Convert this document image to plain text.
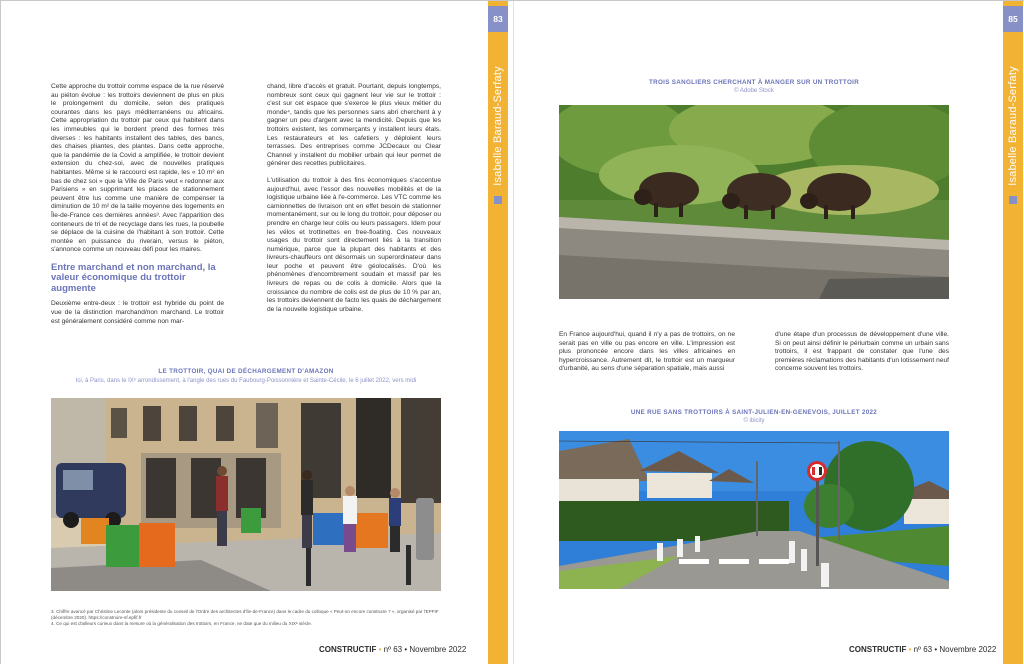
83
Isabelle Baraud-Serfaty

Cette approche du trottoir comme espace de la rue réservé au piéton évolue : les trottoirs deviennent de plus en plus le prolongement du domicile, selon des pratiques courantes dans les pays méditerranéens ou africains. Cette appropriation du trottoir par ceux qui habitent dans les immeubles qui le bordent prend des formes très diverses : les habitants installent des tables, des bancs, des chaises pliantes, des plantes. Dans cette approche, que la pandémie de la Covid a amplifiée, le trottoir devient extension du chez-soi, avec de nouvelles pratiques habitantes. Même si le raccourci est rapide, les « 10 m² en bas de chez soi » que la Ville de Paris veut « redonner aux Parisiens » en supprimant les places de stationnement peuvent être lus comme une manière de compenser la diminution de 10 m² de la taille moyenne des logements en Île-de-France ces dernières années³. Avec l'apparition des conteneurs de tri et de recyclage dans les rues, la poubelle se déplace de la cuisine de l'habitant à son trottoir. Cette montée en puissance du riverain, versus le piéton, s'annonce comme un nouveau défi pour les maires.

Entre marchand et non marchand, la valeur économique du trottoir augmente

Deuxième entre-deux : le trottoir est hybride du point de vue de la distinction marchand/non marchand. Le trottoir est généralement considéré comme non mar-

chand, libre d'accès et gratuit. Pourtant, depuis longtemps, nombreux sont ceux qui gagnent leur vie sur le trottoir : c'est sur cet espace que s'exerce le plus vieux métier du monde⁴, tandis que les personnes sans abri cherchent à y gagner un peu d'argent avec la mendicité. Depuis que les trottoirs existent, les commerçants y installent leurs étals. Les restaurateurs et les cafetiers y déploient leurs terrasses. Des entreprises comme JCDecaux ou Clear Channel y installent du mobilier urbain qui leur permet de générer des recettes publicitaires.

L'utilisation du trottoir à des fins économiques s'accentue aujourd'hui, avec l'essor des nouvelles mobilités et de la logistique urbaine liée à l'e-commerce. Les VTC comme les camionnettes de livraison ont en effet besoin de stationner momentanément, sur ou le long du trottoir, pour déposer ou prendre en charge leur colis ou leurs passagers. Idem pour les vélos et trottinettes en free-floating. Ces nouveaux usages du trottoir sont directement liés à la transition numérique, parce que la plupart des habitants et des livreurs-chauffeurs ont désormais un superordinateur dans leur poche et peuvent être géolocalisés. D'où les phénomènes d'encombrement soudain et massif par les livreurs de repas ou de colis à domicile. Alors que la croissance du nombre de colis est de plus de 10 % par an, les trottoirs deviennent de facto les quais de déchargement de la nouvelle logistique urbaine.

LE TROTTOIR, QUAI DE DÉCHARGEMENT D'AMAZON
Ici, à Paris, dans le IXᵉ arrondissement, à l'angle des rues du Faubourg-Poissonnière et Sainte-Cécile, le 6 juillet 2022, vers midi
3. Chiffre avancé par Christine Leconte (alors présidente du conseil de l'Ordre des architectes d'Île-de-France) dans le cadre du colloque « Peut-on encore construire ? », organisé par l'EPFIF (décembre 2020). https://construire-sf.epfif.fr
4. Ce qui est d'ailleurs curieux dans la mesure où la généralisation des trottoirs, en France, ne date que du milieu du XIXᵉ siècle.
CONSTRUCTIF • nº 63 • Novembre 2022
85
Isabelle Baraud-Serfaty
TROIS SANGLIERS CHERCHANT À MANGER SUR UN TROTTOIR
© Adobe Stock

En France aujourd'hui, quand il n'y a pas de trottoirs, on ne serait pas en ville ou pas encore en ville. L'impression est plus prononcée encore dans les villes africaines en hypercroissance. Autrement dit, le trottoir est un marqueur d'urbanité, au sens d'une séparation spatiale, mais aussi

d'une étape d'un processus de développement d'une ville. Si on peut ainsi définir le périurbain comme un urbain sans trottoirs, il est frappant de constater que l'une des premières réclamations des habitants d'un lotissement neuf concerne souvent les trottoirs.

UNE RUE SANS TROTTOIRS À SAINT-JULIEN-EN-GENEVOIS, JUILLET 2022
© ibicity
CONSTRUCTIF • nº 63 • Novembre 2022
